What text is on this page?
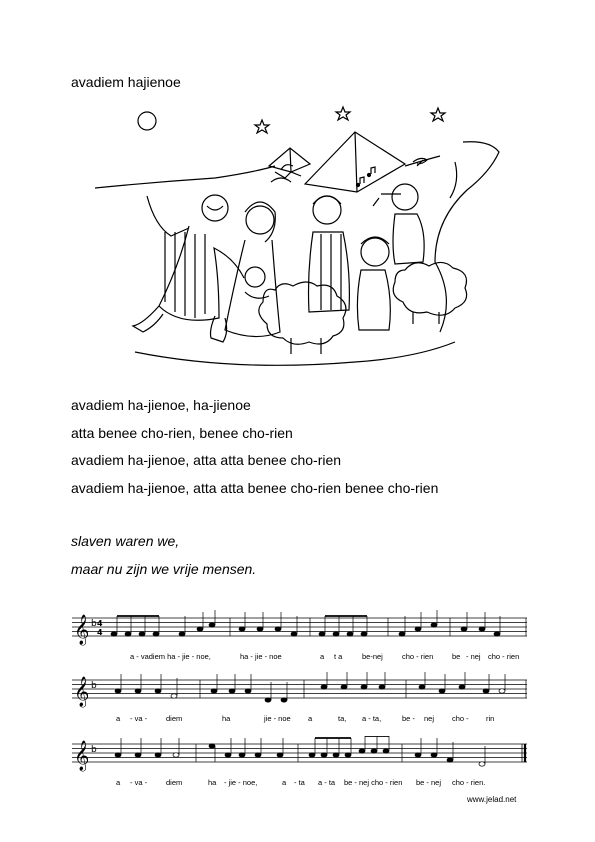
avadiem hajienoe
avadiem ha-jienoe, ha-jienoe
atta benee cho-rien, benee cho-rien
avadiem ha-jienoe, atta atta benee cho-rien
avadiem ha-jienoe, atta atta benee cho-rien benee cho-rien
slaven waren we,
maar nu zijn we vrije mensen.
𝄞 b 4
4
a - vadiem ha - jie - noe,	ha - jie - noe	a t a	be-nej	cho - rien be - nej cho - rien
𝄞 b
a - va -	diem	ha	jie - noe a	ta, a - ta,	be - nej cho - rin
𝄞 b
a - va -	diem	ha - jie - noe,	a - ta a - ta be - nej cho - rien be - nej cho - rien.
www.jelad.net
